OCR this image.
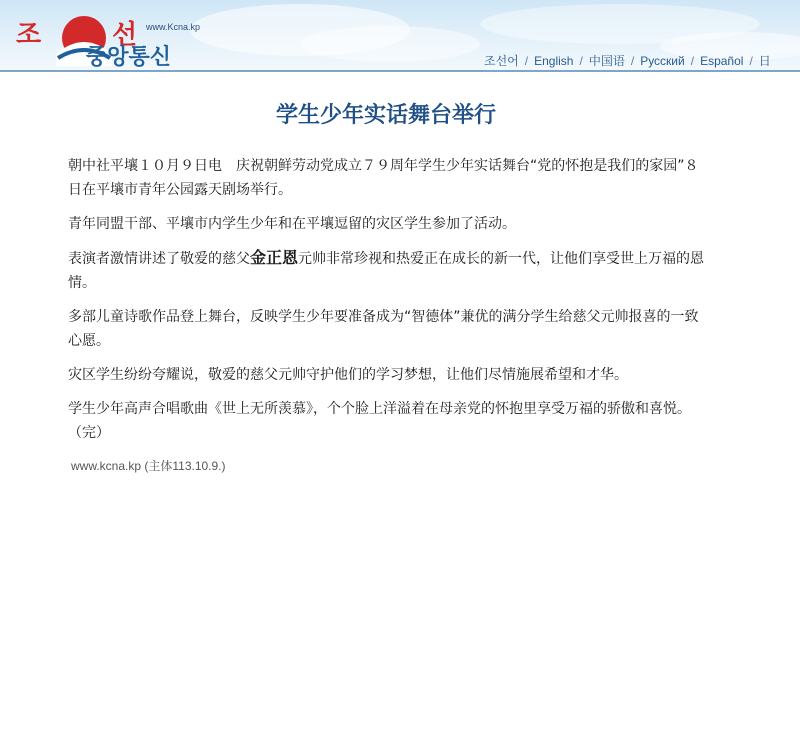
조	선 www.Kcna.kp
중앙통신	조선어 / English / 中国语 / Русский / Español / 日
学生少年实话舞台举行

朝中社平壤１０月９日电　庆祝朝鲜劳动党成立７９周年学生少年实话舞台“党的怀抱是我们的家园”８日在平壤市青年公园露天剧场举行。

青年同盟干部、平壤市内学生少年和在平壤逗留的灾区学生参加了活动。

表演者激情讲述了敬爱的慈父金正恩元帅非常珍视和热爱正在成长的新一代，让他们享受世上万福的恩情。

多部儿童诗歌作品登上舞台，反映学生少年要准备成为“智德体”兼优的满分学生给慈父元帅报喜的一致心愿。

灾区学生纷纷夸耀说，敬爱的慈父元帅守护他们的学习梦想，让他们尽情施展希望和才华。

学生少年高声合唱歌曲《世上无所羡慕》，个个脸上洋溢着在母亲党的怀抱里享受万福的骄傲和喜悦。（完）

www.kcna.kp (主体113.10.9.)
